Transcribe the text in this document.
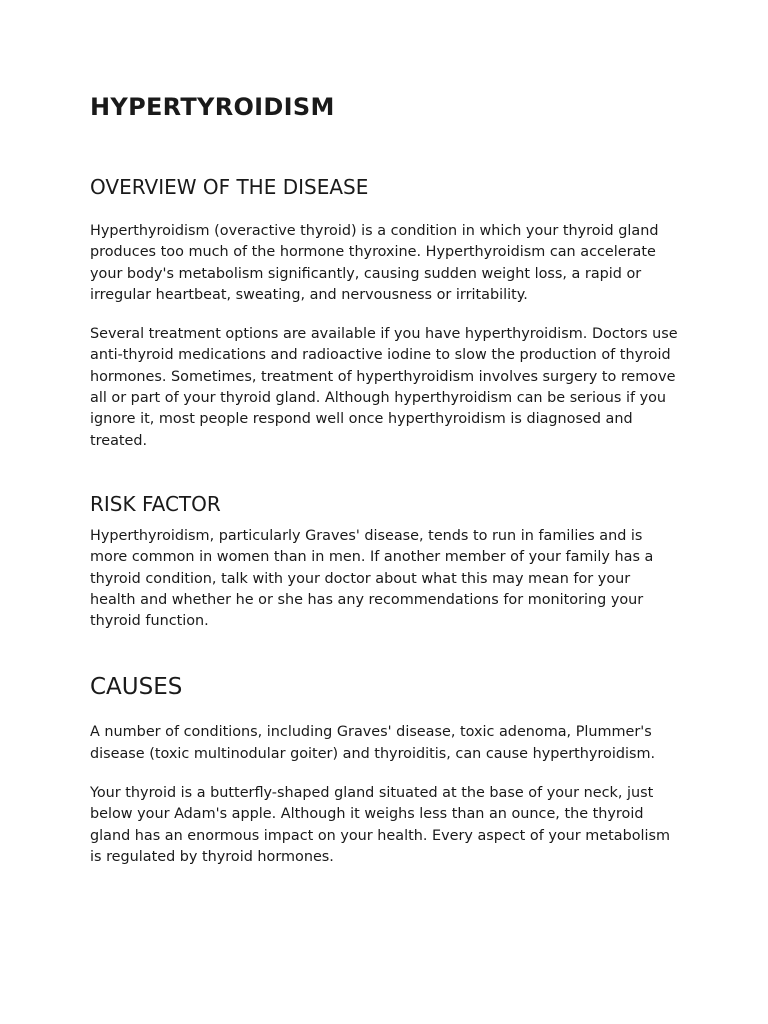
HYPERTYROIDISM
OVERVIEW OF THE DISEASE

Hyperthyroidism (overactive thyroid) is a condition in which your thyroid gland produces too much of the hormone thyroxine. Hyperthyroidism can accelerate your body's metabolism significantly, causing sudden weight loss, a rapid or irregular heartbeat, sweating, and nervousness or irritability.

Several treatment options are available if you have hyperthyroidism. Doctors use anti-thyroid medications and radioactive iodine to slow the production of thyroid hormones. Sometimes, treatment of hyperthyroidism involves surgery to remove all or part of your thyroid gland. Although hyperthyroidism can be serious if you ignore it, most people respond well once hyperthyroidism is diagnosed and treated.

RISK FACTOR

Hyperthyroidism, particularly Graves' disease, tends to run in families and is more common in women than in men. If another member of your family has a thyroid condition, talk with your doctor about what this may mean for your health and whether he or she has any recommendations for monitoring your thyroid function.

CAUSES

A number of conditions, including Graves' disease, toxic adenoma, Plummer's disease (toxic multinodular goiter) and thyroiditis, can cause hyperthyroidism.

Your thyroid is a butterfly-shaped gland situated at the base of your neck, just below your Adam's apple. Although it weighs less than an ounce, the thyroid gland has an enormous impact on your health. Every aspect of your metabolism is regulated by thyroid hormones.
